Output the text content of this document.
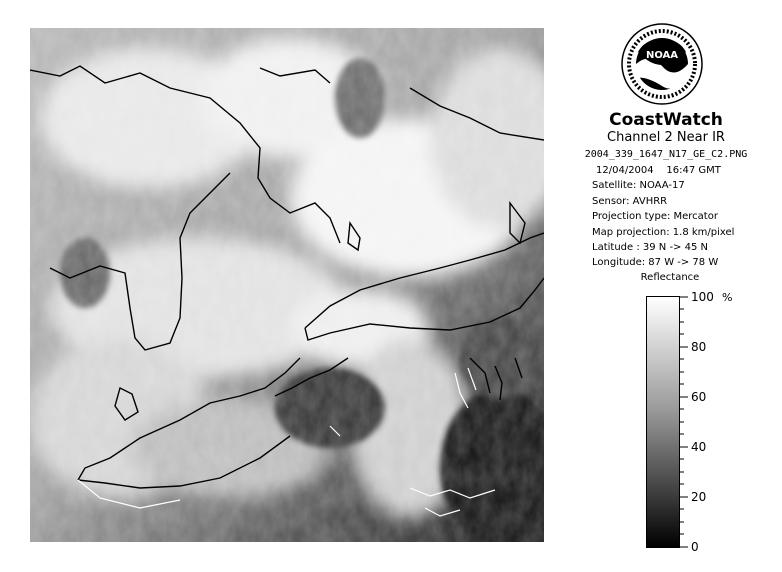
NOAA
CoastWatch
Channel 2 Near IR
2004_339_1647_N17_GE_C2.PNG
12/04/2004 16:47 GMT
Satellite: NOAA-17
Sensor: AVHRR
Projection type: Mercator
Map projection: 1.8 km/pixel
Latitude : 39 N -> 45 N
Longitude: 87 W -> 78 W
Reflectance
100
80
60
40
20
0
%
